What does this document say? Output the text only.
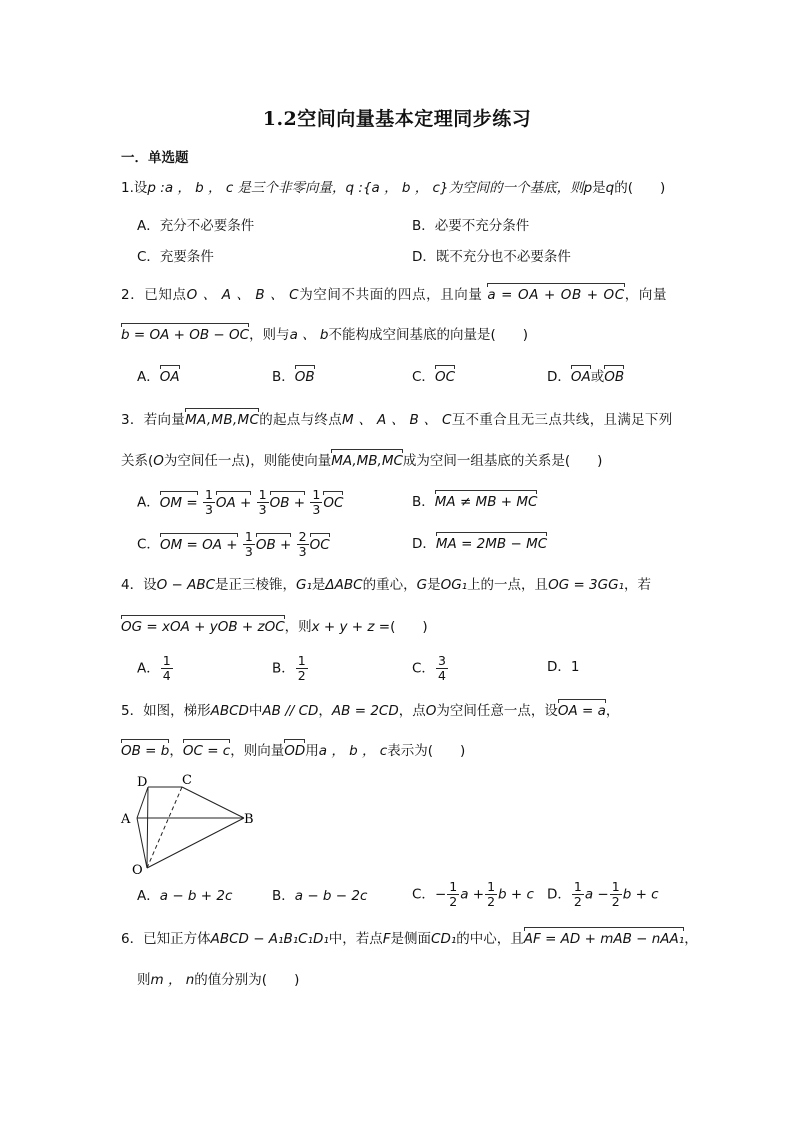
1.2空间向量基本定理同步练习
一．单选题
1.设p :a ， b ， c 是三个非零向量，q :{a ， b ， c}为空间的一个基底，则p是q的(　　)
A．充分不必要条件	B．必要不充分条件
C．充要条件	D．既不充分也不必要条件
2．已知点O 、 A 、 B 、 C为空间不共面的四点，且向量 a = OA + OB + OC，向量
b = OA + OB − OC，则与a 、 b不能构成空间基底的向量是(　　)
A．OA	B．OB	C．OC	D．OA或OB
3．若向量MA,MB,MC的起点与终点M 、 A 、 B 、 C互不重合且无三点共线，且满足下列
关系(O为空间任一点)，则能使向量MA,MB,MC成为空间一组基底的关系是(　　)
A．OM = $\frac{1}{3}$ OA + $\frac{1}{3}$ OB + $\frac{1}{3}$ OC	B．MA ≠ MB + MC
C．OM = OA + $\frac{1}{3}$ OB + $\frac{2}{3}$ OC	D．MA = 2MB − MC
4．设O − ABC是正三棱锥，G₁是ΔABC的重心，G是OG₁上的一点，且OG = 3GG₁，若
OG = xOA + yOB + zOC，则x + y + z =(　　)
A． $\frac{1}{4}$	B． $\frac{1}{2}$	C． $\frac{3}{4}$	D．1
5．如图，梯形ABCD中AB // CD，AB = 2CD，点O为空间任意一点，设OA = a，
OB = b，OC = c，则向量OD用a ， b ， c表示为(　　)
D	C
A	B
O
A．a − b + 2c	B．a − b − 2c	C．− $\frac{1}{2}$ $a + \frac{1}{2}$ b + c D． $\frac{1}{2}$ $a - \frac{1}{2}$ b + c
6．已知正方体ABCD − A₁B₁C₁D₁中，若点F是侧面CD₁的中心，且AF = AD + mAB − nAA₁，
则m ， n的值分别为(　　)
